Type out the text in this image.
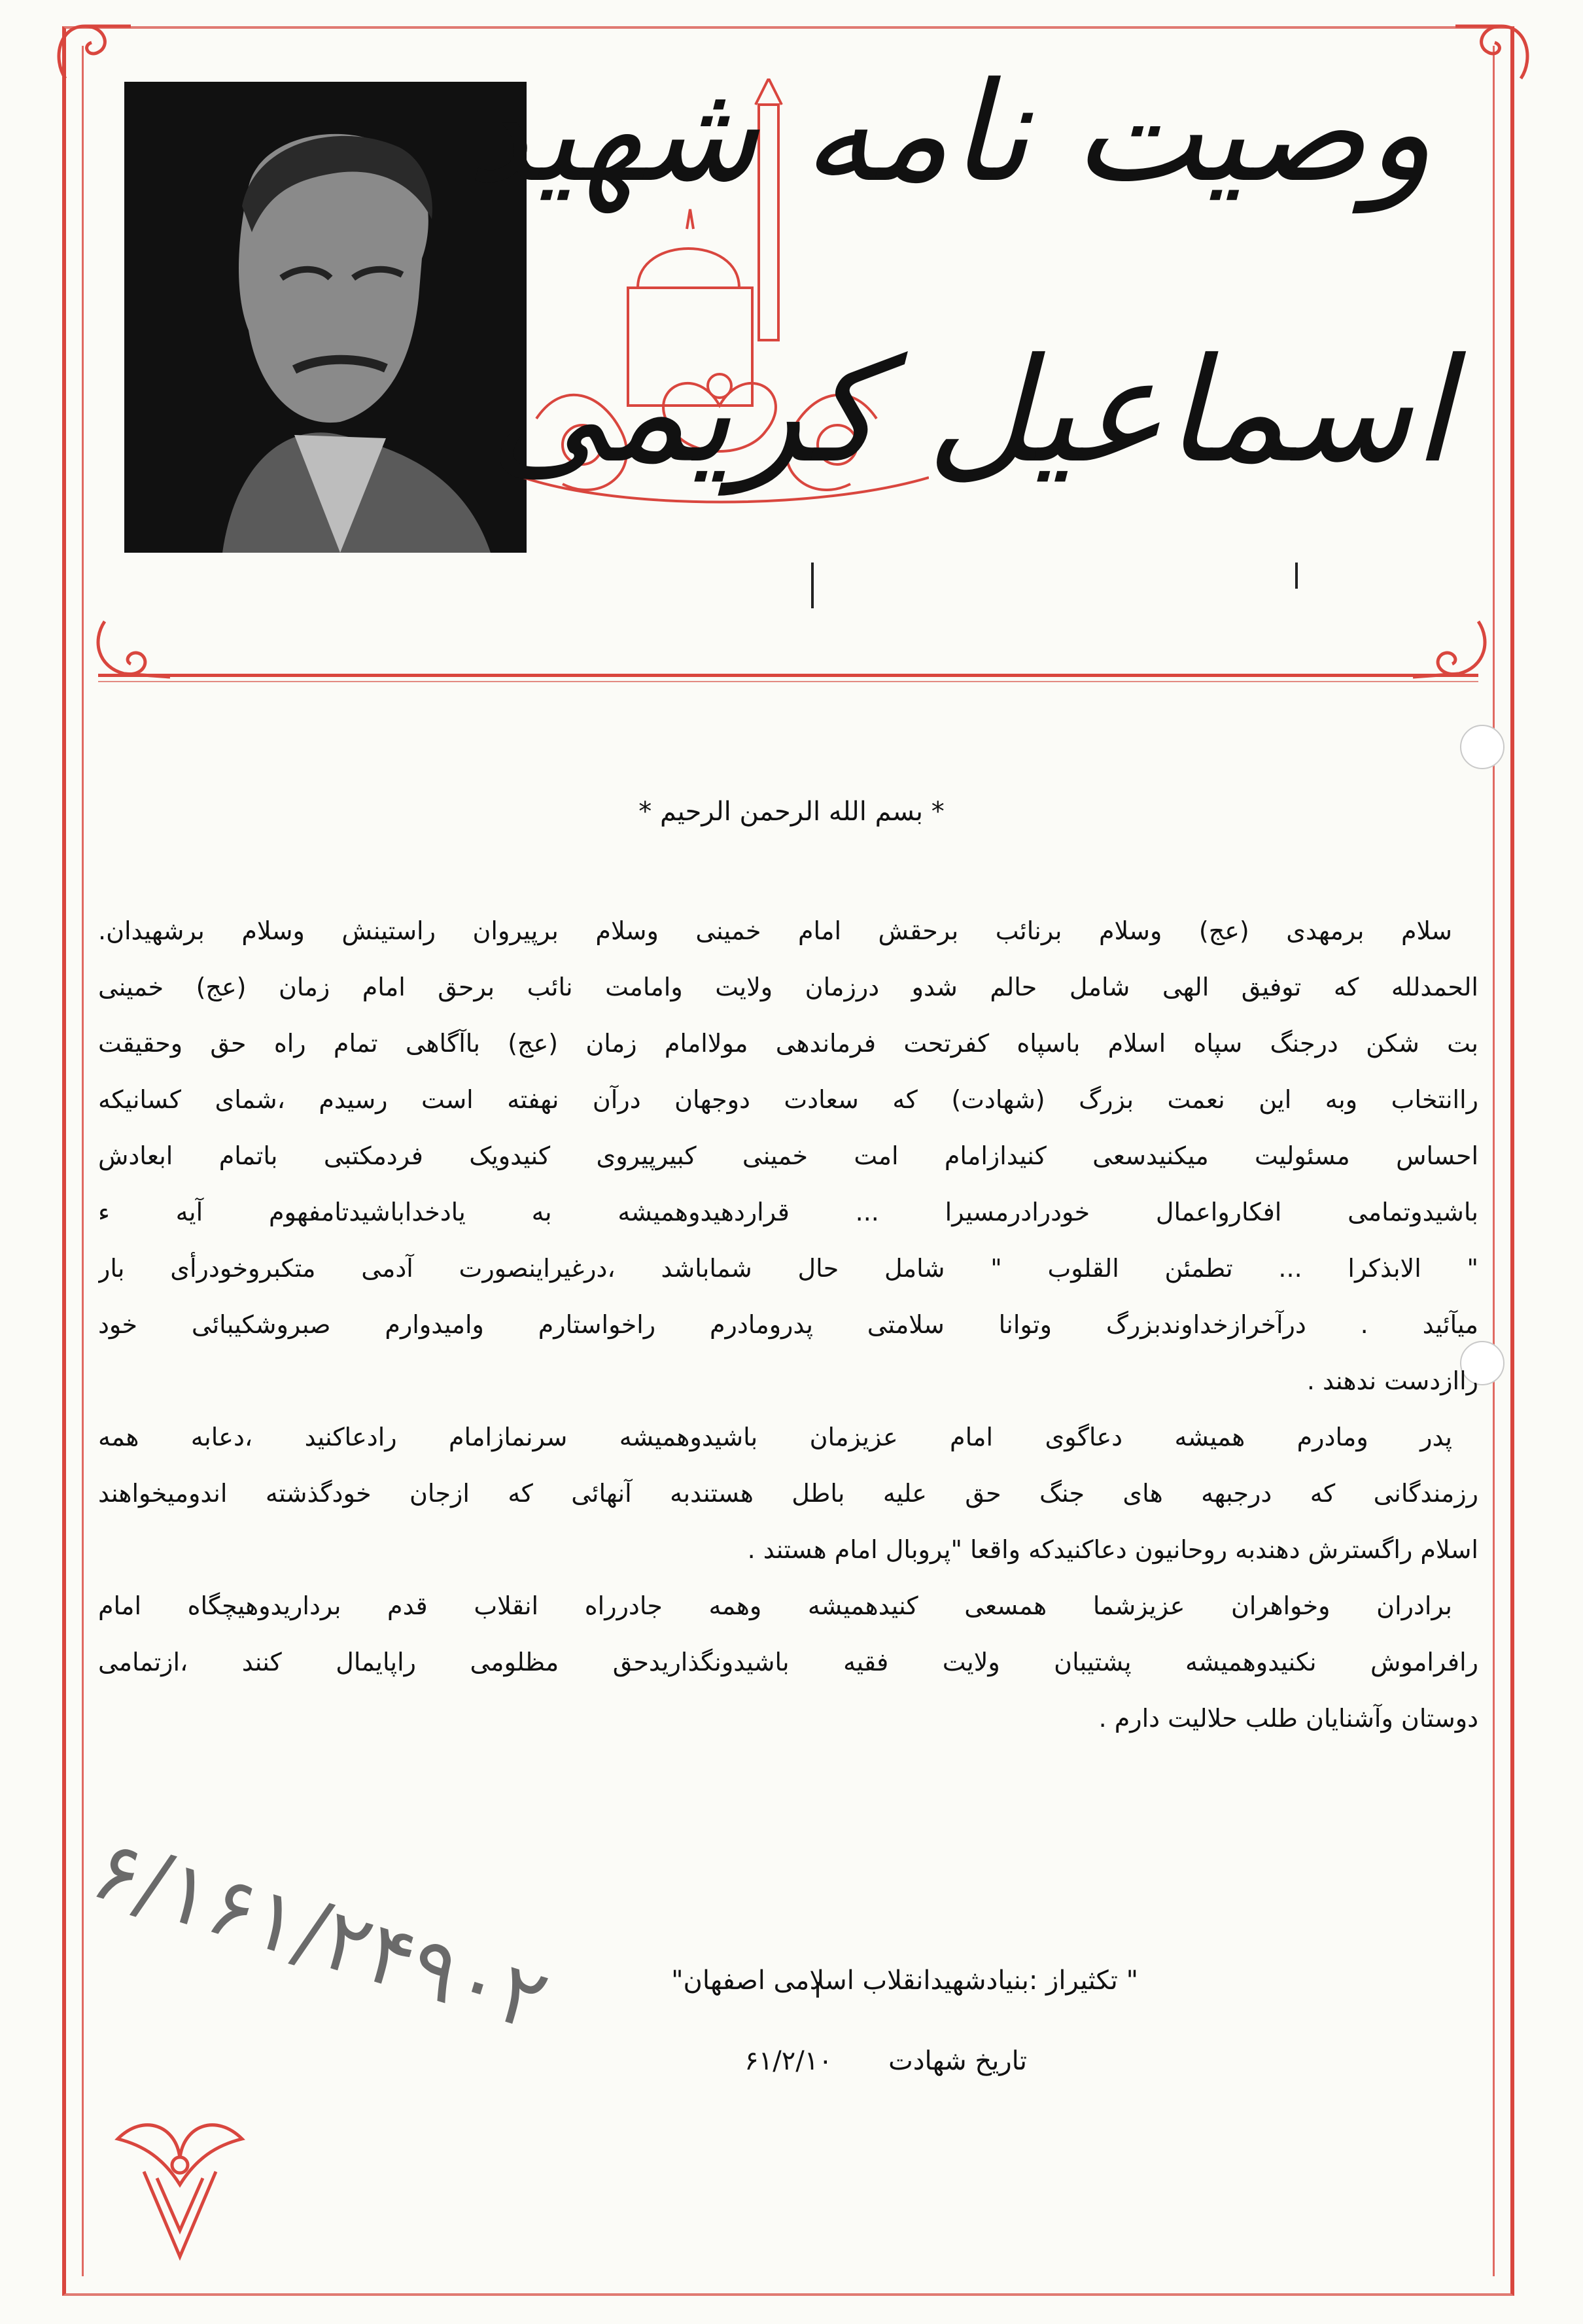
وصیت نامه شهید
اسماعیل کریمی
* بسم الله الرحمن الرحیم *
سلام برمهدی (عج) وسلام برنائب برحقش امام خمینی وسلام برپیروان راستینش وسلام برشهیدان.
الحمدلله که توفیق الهی شامل حالم شدو درزمان ولایت وامامت نائب برحق امام زمان (عج) خمینی
بت شکن درجنگ سپاه اسلام باسپاه کفرتحت فرماندهی مولاامام زمان (عج) باآگاهی تمام راه حق وحقیقت
راانتخاب وبه این نعمت بزرگ (شهادت) که سعادت دوجهان درآن نهفته است رسیدم ،شمای کسانیکه
احساس مسئولیت میکنیدسعی کنیدازامام امت خمینی کبیرپیروی کنیدویک فردمکتبی باتمام ابعادش
باشیدوتمامی افکارواعمال خودرادرمسیرا ... قراردهیدوهمیشه به یادخداباشیدتامفهوم آیه ء
" الابذکرا ... تطمئن القلوب " شامل حال شماباشد ،درغیراینصورت آدمی متکبروخودرأی بار
میآئید . درآخرازخداوندبزرگ وتوانا سلامتی پدرومادرم راخواستارم وامیدوارم صبروشکیبائی خود
راازدست ندهند .
پدر ومادرم همیشه دعاگوی امام عزیزمان باشیدوهمیشه سرنمازامام رادعاکنید ،دعابه همه
رزمندگانی که درجبهه های جنگ حق علیه باطل هستندبه آنهائی که ازجان خودگذشته اندومیخواهند
اسلام راگسترش دهندبه روحانیون دعاکنیدکه واقعا "پروبال امام هستند .
برادران وخواهران عزیزشما همسعی کنیدهمیشه وهمه جادرراه انقلاب قدم برداریدوهیچگاه امام
رافراموش نکنیدوهمیشه پشتیبان ولایت فقیه باشیدونگذاریدحق مظلومی راپایمال کنند ،ازتمامی
دوستان وآشنایان طلب حلالیت دارم .
" تکثیراز :بنیادشهیدانقلاب اسلامی اصفهان"
تاریخ شهادت  ۶۱/۲/۱۰
۶/۱۶۱/۲۴۹۰۲
